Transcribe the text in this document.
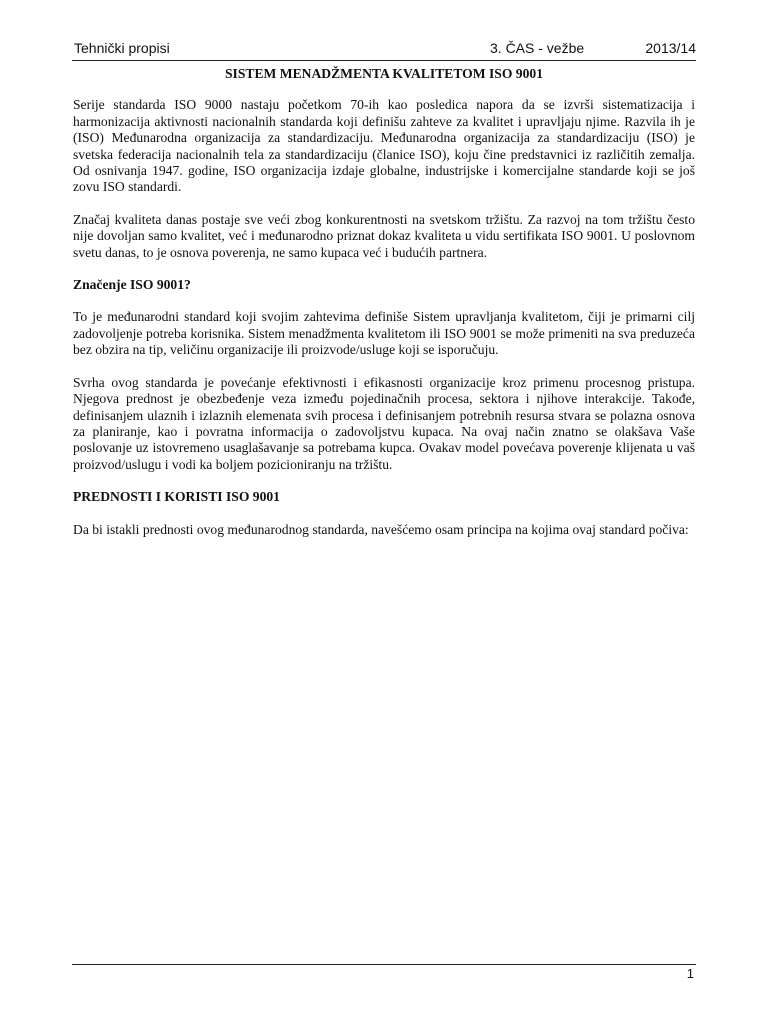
Tehnički propisi	3. ČAS - vežbe	2013/14
SISTEM MENADŽMENTA KVALITETOM ISO 9001

Serije standarda ISO 9000 nastaju početkom 70-ih kao posledica napora da se izvrši sistematizacija i harmonizacija aktivnosti nacionalnih standarda koji definišu zahteve za kvalitet i upravljaju njime. Razvila ih je (ISO) Međunarodna organizacija za standardizaciju. Međunarodna organizacija za standardizaciju (ISO) je svetska federacija nacionalnih tela za standardizaciju (članice ISO), koju čine predstavnici iz različitih zemalja. Od osnivanja 1947. godine, ISO organizacija izdaje globalne, industrijske i komercijalne standarde koji se još zovu ISO standardi.

Značaj kvaliteta danas postaje sve veći zbog konkurentnosti na svetskom tržištu. Za razvoj na tom tržištu često nije dovoljan samo kvalitet, već i međunarodno priznat dokaz kvaliteta u vidu sertifikata ISO 9001. U poslovnom svetu danas, to je osnova poverenja, ne samo kupaca već i budućih partnera.

Značenje ISO 9001?

To je međunarodni standard koji svojim zahtevima definiše Sistem upravljanja kvalitetom, čiji je primarni cilj zadovoljenje potreba korisnika. Sistem menadžmenta kvalitetom ili ISO 9001 se može primeniti na sva preduzeća bez obzira na tip, veličinu organizacije ili proizvode/usluge koji se isporučuju.

Svrha ovog standarda je povećanje efektivnosti i efikasnosti organizacije kroz primenu procesnog pristupa. Njegova prednost je obezbeđenje veza između pojedinačnih procesa, sektora i njihove interakcije. Takođe, definisanjem ulaznih i izlaznih elemenata svih procesa i definisanjem potrebnih resursa stvara se polazna osnova za planiranje, kao i povratna informacija o zadovoljstvu kupaca. Na ovaj način znatno se olakšava Vaše poslovanje uz istovremeno usaglašavanje sa potrebama kupca. Ovakav model povećava poverenje klijenata u vaš proizvod/uslugu i vodi ka boljem pozicioniranju na tržištu.

PREDNOSTI I KORISTI ISO 9001

Da bi istakli prednosti ovog međunarodnog standarda, navešćemo osam principa na kojima ovaj standard počiva:

1
